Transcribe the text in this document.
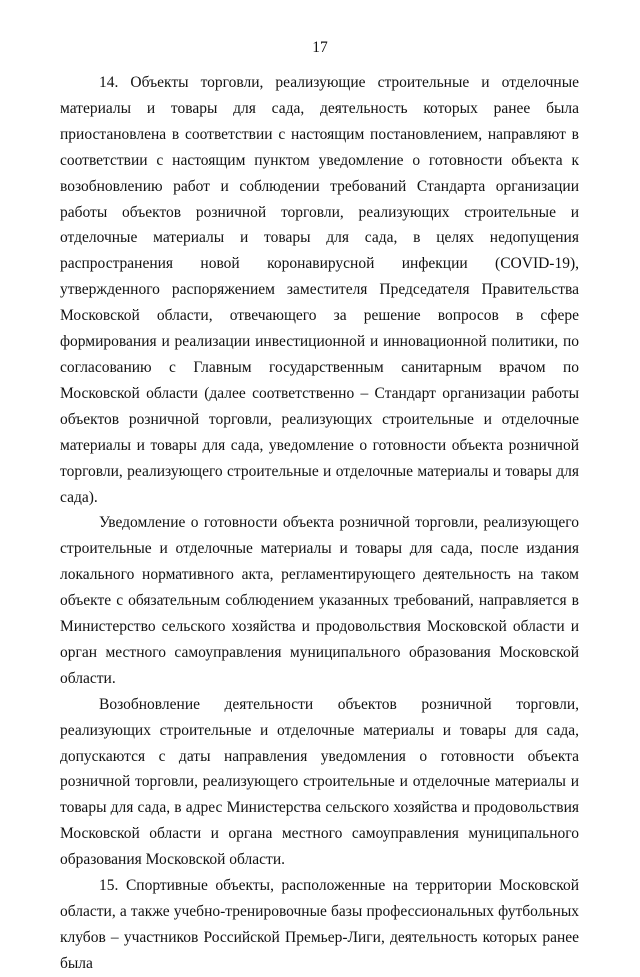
17

14. Объекты торговли, реализующие строительные и отделочные материалы и товары для сада, деятельность которых ранее была приостановлена в соответствии с настоящим постановлением, направляют в соответствии с настоящим пунктом уведомление о готовности объекта к возобновлению работ и соблюдении требований Стандарта организации работы объектов розничной торговли, реализующих строительные и отделочные материалы и товары для сада, в целях недопущения распространения новой коронавирусной инфекции (COVID-19), утвержденного распоряжением заместителя Председателя Правительства Московской области, отвечающего за решение вопросов в сфере формирования и реализации инвестиционной и инновационной политики, по согласованию с Главным государственным санитарным врачом по Московской области (далее соответственно – Стандарт организации работы объектов розничной торговли, реализующих строительные и отделочные материалы и товары для сада, уведомление о готовности объекта розничной торговли, реализующего строительные и отделочные материалы и товары для сада).

Уведомление о готовности объекта розничной торговли, реализующего строительные и отделочные материалы и товары для сада, после издания локального нормативного акта, регламентирующего деятельность на таком объекте с обязательным соблюдением указанных требований, направляется в Министерство сельского хозяйства и продовольствия Московской области и орган местного самоуправления муниципального образования Московской области.

Возобновление деятельности объектов розничной торговли, реализующих строительные и отделочные материалы и товары для сада, допускаются с даты направления уведомления о готовности объекта розничной торговли, реализующего строительные и отделочные материалы и товары для сада, в адрес Министерства сельского хозяйства и продовольствия Московской области и органа местного самоуправления муниципального образования Московской области.

15. Спортивные объекты, расположенные на территории Московской области, а также учебно-тренировочные базы профессиональных футбольных клубов – участников Российской Премьер-Лиги, деятельность которых ранее была
